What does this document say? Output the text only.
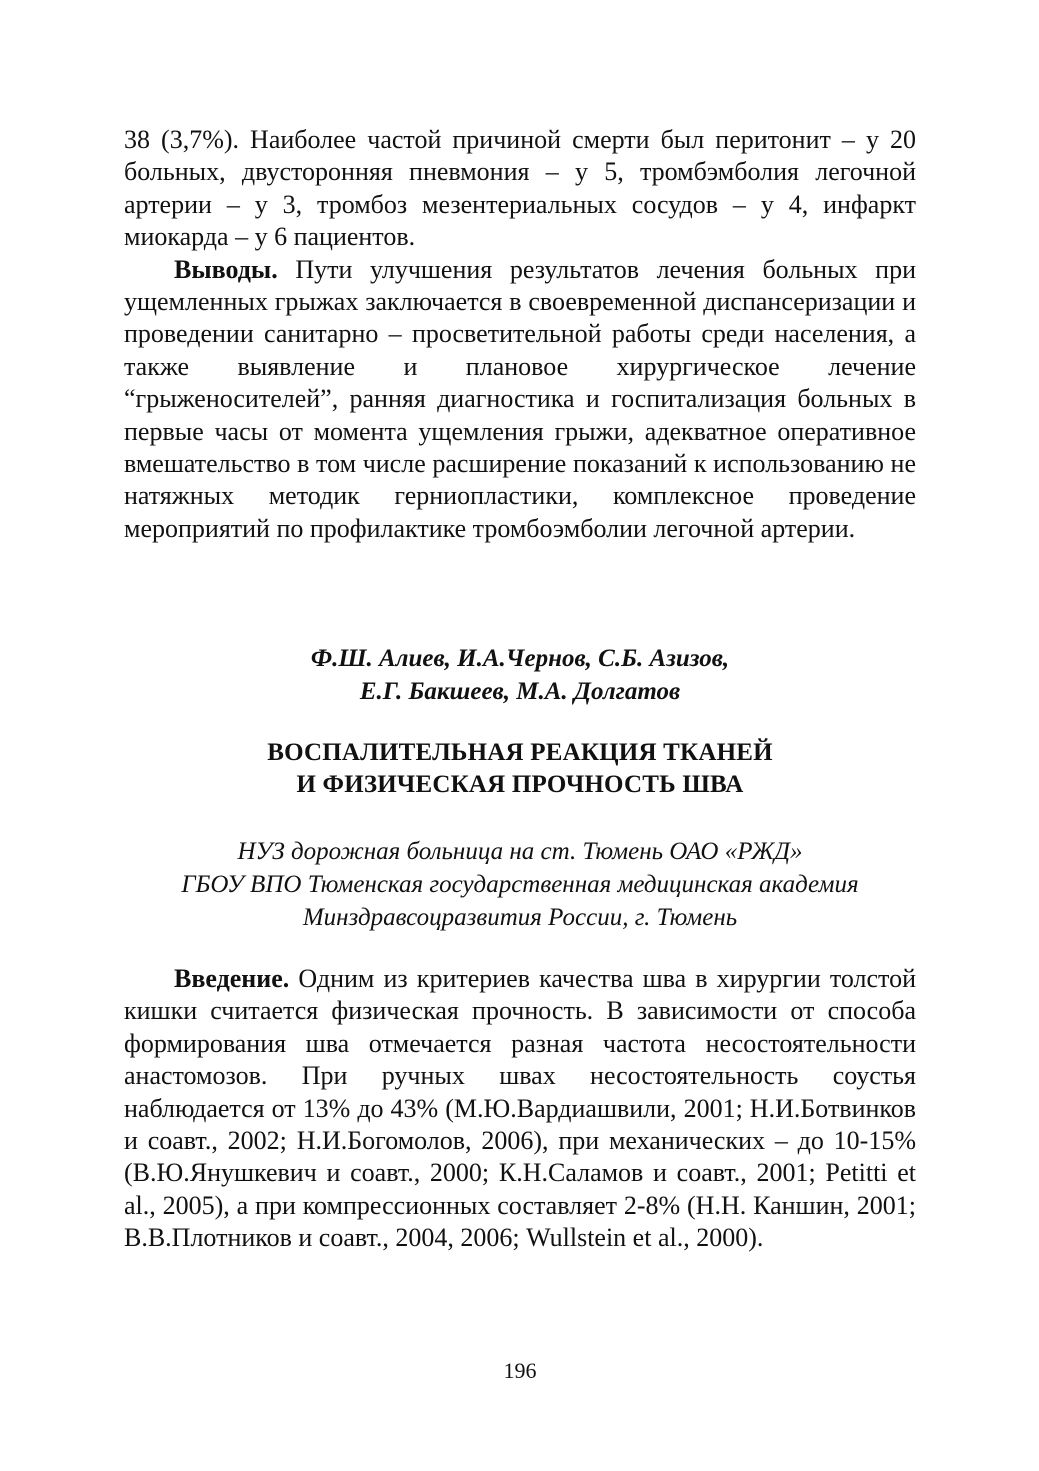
38 (3,7%). Наиболее частой причиной смерти был перитонит – у 20 больных, двусторонняя пневмония – у 5, тромбэмболия легочной артерии – у 3, тромбоз мезентериальных сосудов – у 4, инфаркт миокарда – у 6 пациентов.

Выводы. Пути улучшения результатов лечения больных при ущемленных грыжах заключается в своевременной диспансеризации и проведении санитарно – просветительной работы среди населения, а также выявление и плановое хирургическое лечение “грыженосителей”, ранняя диагностика и госпитализация больных в первые часы от момента ущемления грыжи, адекватное оперативное вмешательство в том числе расширение показаний к использованию не натяжных методик герниопластики, комплексное проведение мероприятий по профилактике тромбоэмболии легочной артерии.

Ф.Ш. Алиев, И.А.Чернов, С.Б. Азизов,
Е.Г. Бакшеев, М.А. Долгатов
ВОСПАЛИТЕЛЬНАЯ РЕАКЦИЯ ТКАНЕЙ
И ФИЗИЧЕСКАЯ ПРОЧНОСТЬ ШВА
НУЗ дорожная больница на ст. Тюмень ОАО «РЖД»
ГБОУ ВПО Тюменская государственная медицинская академия
Минздравсоцразвития России, г. Тюмень

Введение. Одним из критериев качества шва в хирургии толстой кишки считается физическая прочность. В зависимости от способа формирования шва отмечается разная частота несостоятельности анастомозов. При ручных швах несостоятельность соустья наблюдается от 13% до 43% (М.Ю.Вардиашвили, 2001; Н.И.Ботвинков и соавт., 2002; Н.И.Богомолов, 2006), при механических – до 10-15% (В.Ю.Янушкевич и соавт., 2000; К.Н.Саламов и соавт., 2001; Petitti et al., 2005), а при компрессионных составляет 2-8% (Н.Н. Каншин, 2001; В.В.Плотников и соавт., 2004, 2006; Wullstein et al., 2000).

196
